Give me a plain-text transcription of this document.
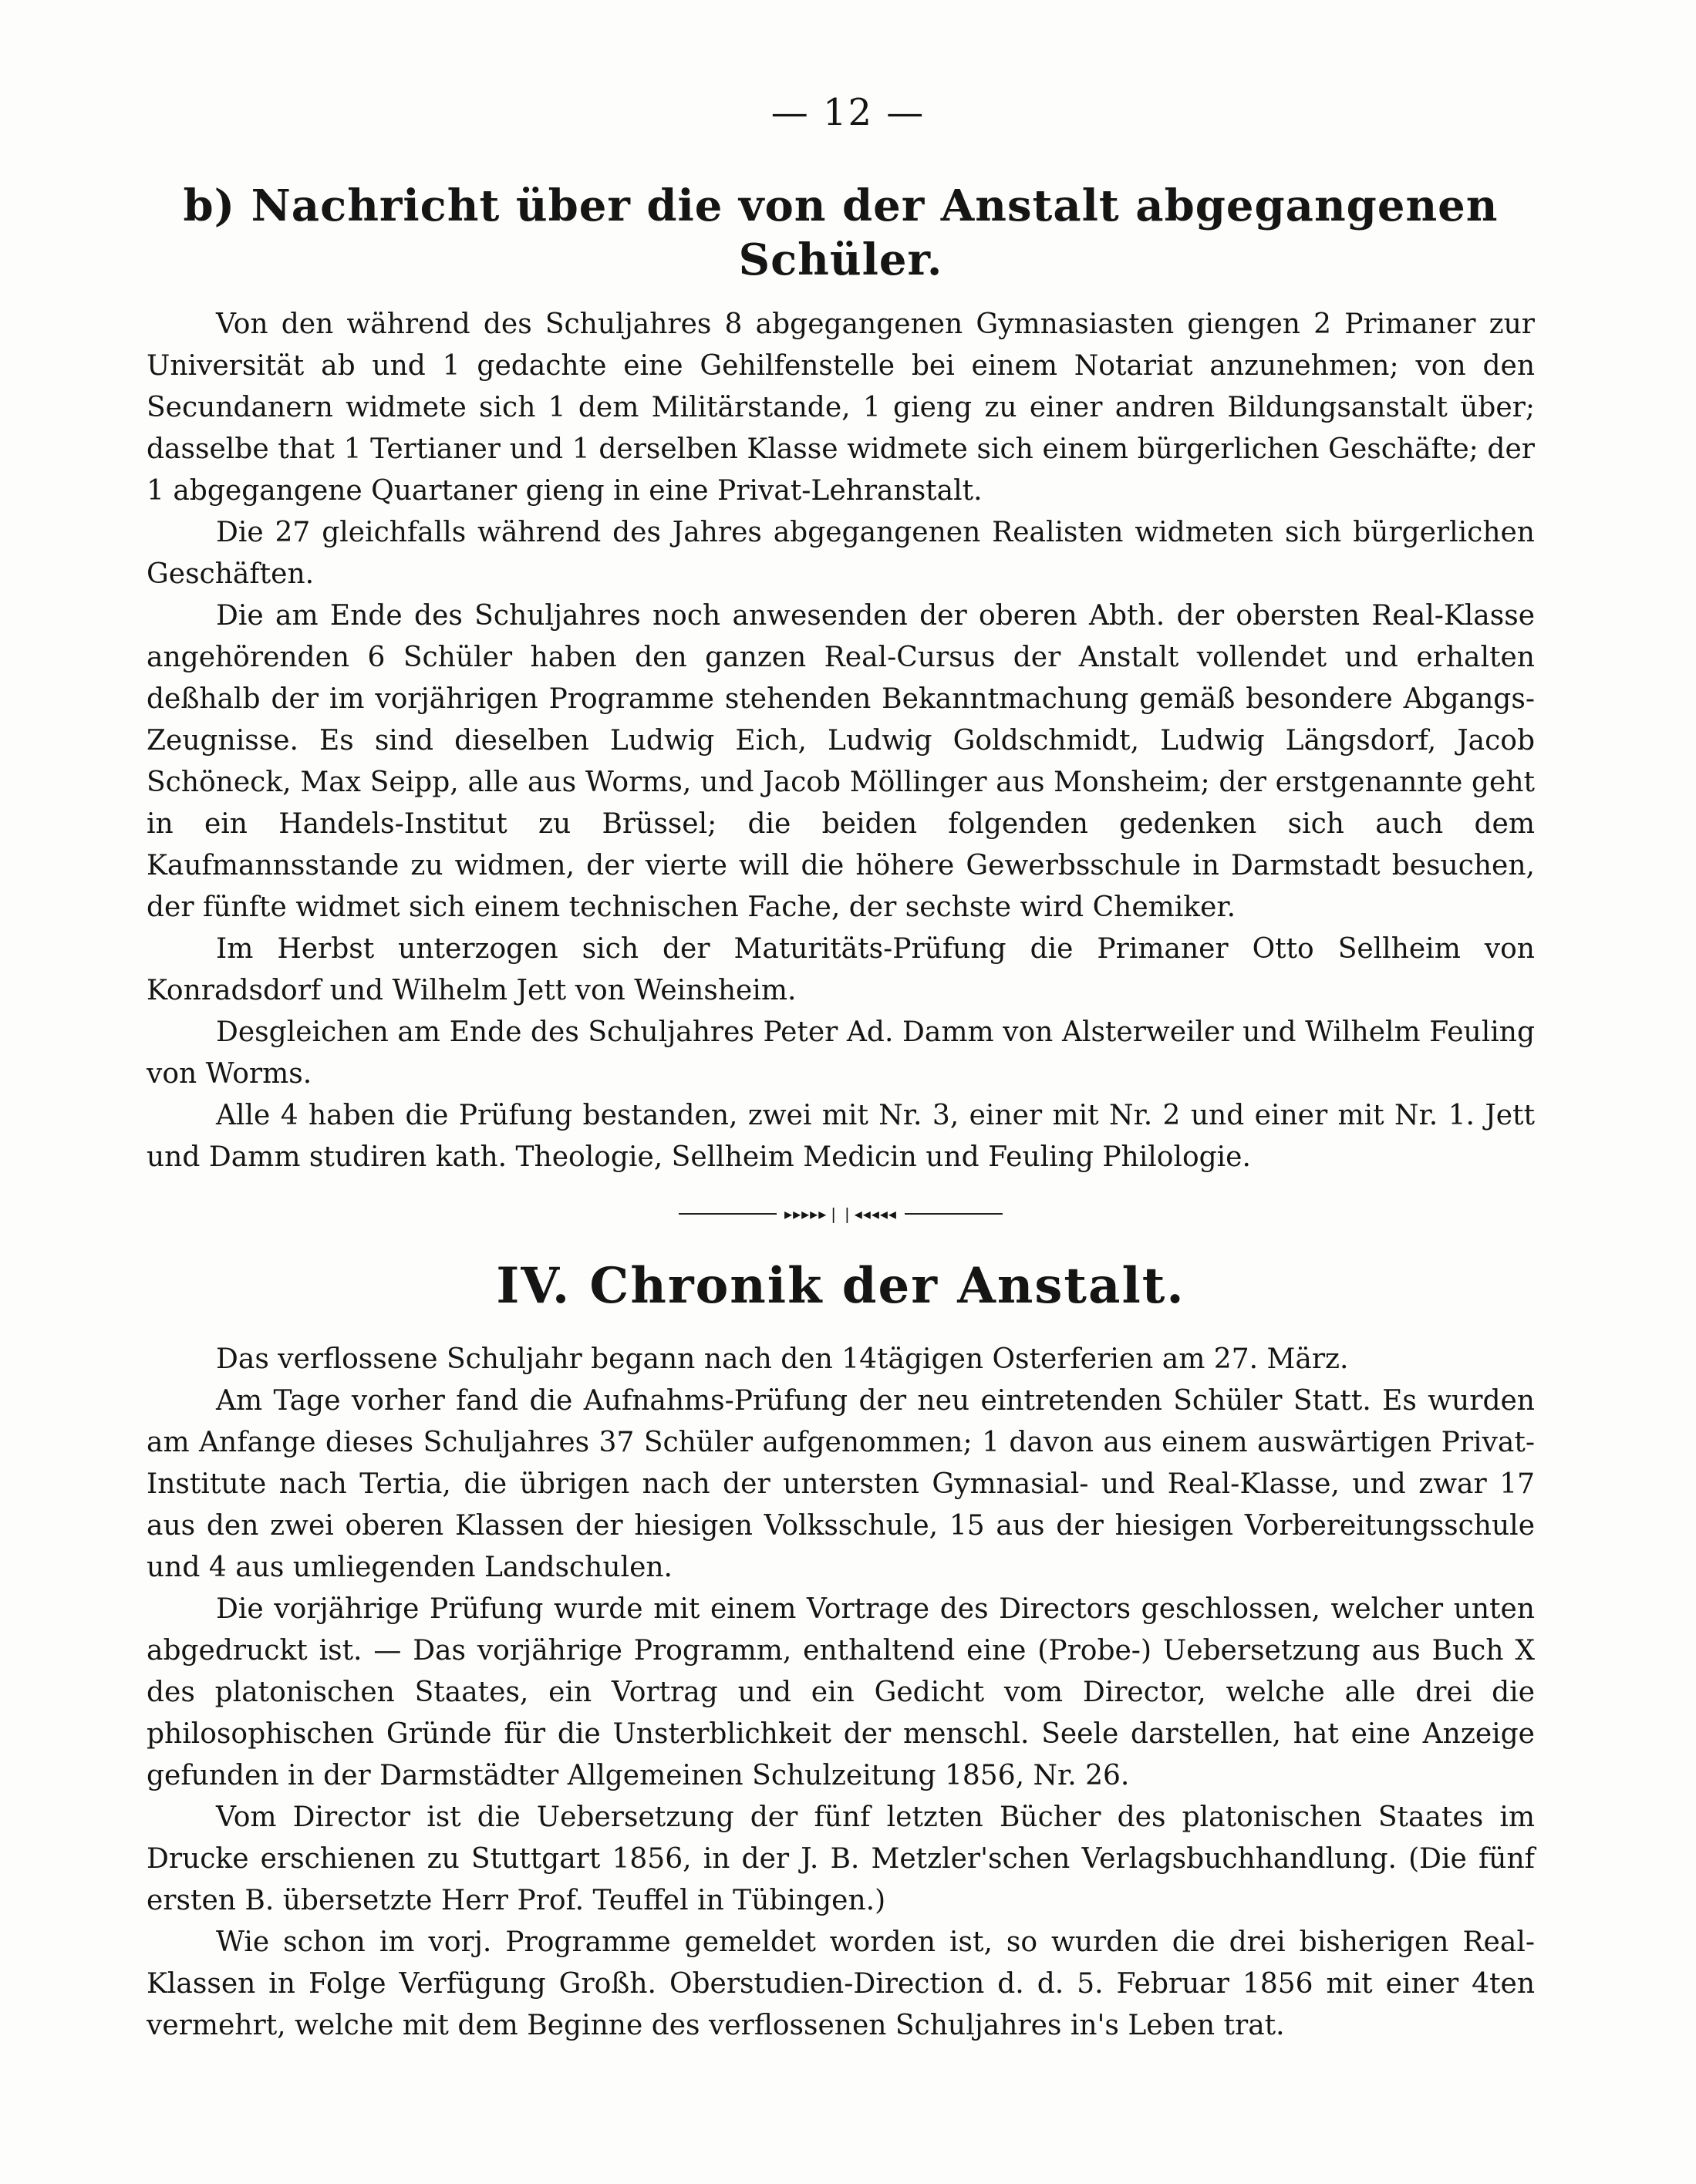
— 12 —
b) Nachricht über die von der Anstalt abgegangenen Schüler.

Von den während des Schuljahres 8 abgegangenen Gymnasiasten giengen 2 Primaner zur Universität ab und 1 gedachte eine Gehilfenstelle bei einem Notariat anzunehmen; von den Secundanern widmete sich 1 dem Militärstande, 1 gieng zu einer andren Bildungsanstalt über; dasselbe that 1 Tertianer und 1 derselben Klasse widmete sich einem bürgerlichen Geschäfte; der 1 abgegangene Quartaner gieng in eine Privat-Lehranstalt.

Die 27 gleichfalls während des Jahres abgegangenen Realisten widmeten sich bürgerlichen Geschäften.

Die am Ende des Schuljahres noch anwesenden der oberen Abth. der obersten Real-Klasse angehörenden 6 Schüler haben den ganzen Real-Cursus der Anstalt vollendet und erhalten deßhalb der im vorjährigen Programme stehenden Bekanntmachung gemäß besondere Abgangs-Zeugnisse. Es sind dieselben Ludwig Eich, Ludwig Goldschmidt, Ludwig Längsdorf, Jacob Schöneck, Max Seipp, alle aus Worms, und Jacob Möllinger aus Monsheim; der erstgenannte geht in ein Handels-Institut zu Brüssel; die beiden folgenden gedenken sich auch dem Kaufmannsstande zu widmen, der vierte will die höhere Gewerbsschule in Darmstadt besuchen, der fünfte widmet sich einem technischen Fache, der sechste wird Chemiker.

Im Herbst unterzogen sich der Maturitäts-Prüfung die Primaner Otto Sellheim von Konradsdorf und Wilhelm Jett von Weinsheim.

Desgleichen am Ende des Schuljahres Peter Ad. Damm von Alsterweiler und Wilhelm Feuling von Worms.

Alle 4 haben die Prüfung bestanden, zwei mit Nr. 3, einer mit Nr. 2 und einer mit Nr. 1. Jett und Damm studiren kath. Theologie, Sellheim Medicin und Feuling Philologie.

▸▸▸▸▸❘❘◂◂◂◂◂
IV. Chronik der Anstalt.

Das verflossene Schuljahr begann nach den 14tägigen Osterferien am 27. März.

Am Tage vorher fand die Aufnahms-Prüfung der neu eintretenden Schüler Statt. Es wurden am Anfange dieses Schuljahres 37 Schüler aufgenommen; 1 davon aus einem auswärtigen Privat-Institute nach Tertia, die übrigen nach der untersten Gymnasial- und Real-Klasse, und zwar 17 aus den zwei oberen Klassen der hiesigen Volksschule, 15 aus der hiesigen Vorbereitungsschule und 4 aus umliegenden Landschulen.

Die vorjährige Prüfung wurde mit einem Vortrage des Directors geschlossen, welcher unten abgedruckt ist. — Das vorjährige Programm, enthaltend eine (Probe-) Uebersetzung aus Buch X des platonischen Staates, ein Vortrag und ein Gedicht vom Director, welche alle drei die philosophischen Gründe für die Unsterblichkeit der menschl. Seele darstellen, hat eine Anzeige gefunden in der Darmstädter Allgemeinen Schulzeitung 1856, Nr. 26.

Vom Director ist die Uebersetzung der fünf letzten Bücher des platonischen Staates im Drucke erschienen zu Stuttgart 1856, in der J. B. Metzler'schen Verlagsbuchhandlung. (Die fünf ersten B. übersetzte Herr Prof. Teuffel in Tübingen.)

Wie schon im vorj. Programme gemeldet worden ist, so wurden die drei bisherigen Real-Klassen in Folge Verfügung Großh. Oberstudien-Direction d. d. 5. Februar 1856 mit einer 4ten vermehrt, welche mit dem Beginne des verflossenen Schuljahres in's Leben trat.
